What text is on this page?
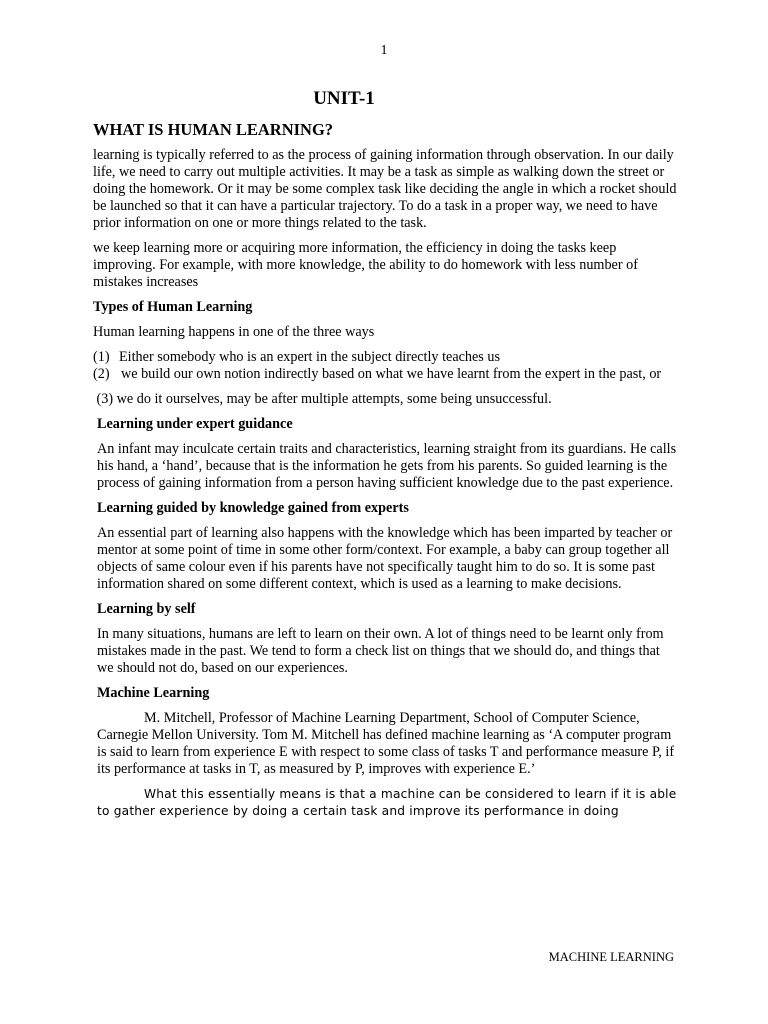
1
UNIT-1
WHAT IS HUMAN LEARNING?

learning is typically referred to as the process of gaining information through observation. In our daily life, we need to carry out multiple activities. It may be a task as simple as walking down the street or doing the homework. Or it may be some complex task like deciding the angle in which a rocket should be launched so that it can have a particular trajectory. To do a task in a proper way, we need to have prior information on one or more things related to the task.

we keep learning more or acquiring more information, the efficiency in doing the tasks keep improving. For example, with more knowledge, the ability to do homework with less number of mistakes increases

Types of Human Learning

Human learning happens in one of the three ways

(1) Either somebody who is an expert in the subject directly teaches us
(2) we build our own notion indirectly based on what we have learnt from the expert in the past, or

(3) we do it ourselves, may be after multiple attempts, some being unsuccessful.

Learning under expert guidance

An infant may inculcate certain traits and characteristics, learning straight from its guardians. He calls his hand, a ‘hand’, because that is the information he gets from his parents. So guided learning is the process of gaining information from a person having sufficient knowledge due to the past experience.

Learning guided by knowledge gained from experts

An essential part of learning also happens with the knowledge which has been imparted by teacher or mentor at some point of time in some other form/context. For example, a baby can group together all objects of same colour even if his parents have not specifically taught him to do so. It is some past information shared on some different context, which is used as a learning to make decisions.

Learning by self

In many situations, humans are left to learn on their own. A lot of things need to be learnt only from mistakes made in the past. We tend to form a check list on things that we should do, and things that we should not do, based on our experiences.

Machine Learning

M. Mitchell, Professor of Machine Learning Department, School of Computer Science, Carnegie Mellon University. Tom M. Mitchell has defined machine learning as ‘A computer program is said to learn from experience E with respect to some class of tasks T and performance measure P, if its performance at tasks in T, as measured by P, improves with experience E.’

What this essentially means is that a machine can be considered to learn if it is able to gather experience by doing a certain task and improve its performance in doing

MACHINE LEARNING
